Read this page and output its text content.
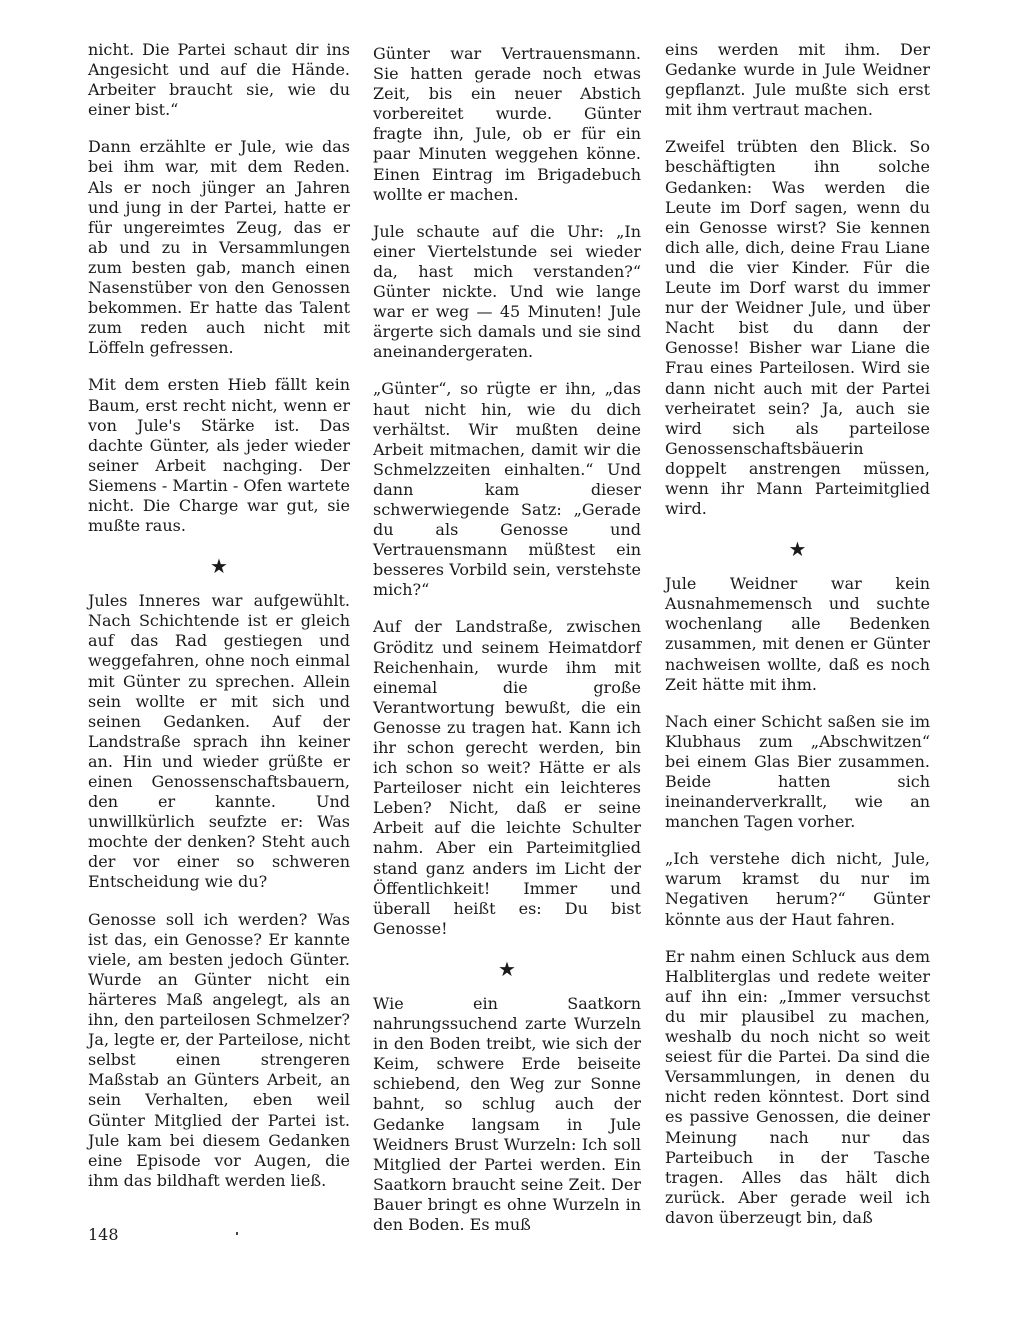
nicht. Die Partei schaut dir ins Angesicht und auf die Hände. Arbeiter braucht sie, wie du einer bist.“

Dann erzählte er Jule, wie das bei ihm war, mit dem Reden. Als er noch jünger an Jahren und jung in der Partei, hatte er für ungereimtes Zeug, das er ab und zu in Versammlungen zum besten gab, manch einen Nasenstüber von den Genossen bekommen. Er hatte das Talent zum reden auch nicht mit Löffeln gefressen.

Mit dem ersten Hieb fällt kein Baum, erst recht nicht, wenn er von Jule's Stärke ist. Das dachte Günter, als jeder wieder seiner Arbeit nachging. Der Siemens - Martin - Ofen wartete nicht. Die Charge war gut, sie mußte raus.

★

Jules Inneres war aufgewühlt. Nach Schichtende ist er gleich auf das Rad gestiegen und weggefahren, ohne noch einmal mit Günter zu sprechen. Allein sein wollte er mit sich und seinen Gedanken. Auf der Landstraße sprach ihn keiner an. Hin und wieder grüßte er einen Genossenschaftsbauern, den er kannte. Und unwillkürlich seufzte er: Was mochte der denken? Steht auch der vor einer so schweren Entscheidung wie du?

Genosse soll ich werden? Was ist das, ein Genosse? Er kannte viele, am besten jedoch Günter. Wurde an Günter nicht ein härteres Maß angelegt, als an ihn, den parteilosen Schmelzer? Ja, legte er, der Parteilose, nicht selbst einen strengeren Maßstab an Günters Arbeit, an sein Verhalten, eben weil Günter Mitglied der Partei ist. Jule kam bei diesem Gedanken eine Episode vor Augen, die ihm das bildhaft werden ließ.

Günter war Vertrauensmann. Sie hatten gerade noch etwas Zeit, bis ein neuer Abstich vorbereitet wurde. Günter fragte ihn, Jule, ob er für ein paar Minuten weggehen könne. Einen Eintrag im Brigadebuch wollte er machen.

Jule schaute auf die Uhr: „In einer Viertelstunde sei wieder da, hast mich verstanden?“ Günter nickte. Und wie lange war er weg — 45 Minuten! Jule ärgerte sich damals und sie sind aneinandergeraten.

„Günter“, so rügte er ihn, „das haut nicht hin, wie du dich verhältst. Wir mußten deine Arbeit mitmachen, damit wir die Schmelzzeiten einhalten.“ Und dann kam dieser schwerwiegende Satz: „Gerade du als Genosse und Vertrauensmann müßtest ein besseres Vorbild sein, verstehste mich?“

Auf der Landstraße, zwischen Gröditz und seinem Heimatdorf Reichenhain, wurde ihm mit einemal die große Verantwortung bewußt, die ein Genosse zu tragen hat. Kann ich ihr schon gerecht werden, bin ich schon so weit? Hätte er als Parteiloser nicht ein leichteres Leben? Nicht, daß er seine Arbeit auf die leichte Schulter nahm. Aber ein Parteimitglied stand ganz anders im Licht der Öffentlichkeit! Immer und überall heißt es: Du bist Genosse!

★

Wie ein Saatkorn nahrungssuchend zarte Wurzeln in den Boden treibt, wie sich der Keim, schwere Erde beiseite schiebend, den Weg zur Sonne bahnt, so schlug auch der Gedanke langsam in Jule Weidners Brust Wurzeln: Ich soll Mitglied der Partei werden. Ein Saatkorn braucht seine Zeit. Der Bauer bringt es ohne Wurzeln in den Boden. Es muß

eins werden mit ihm. Der Gedanke wurde in Jule Weidner gepflanzt. Jule mußte sich erst mit ihm vertraut machen.

Zweifel trübten den Blick. So beschäftigten ihn solche Gedanken: Was werden die Leute im Dorf sagen, wenn du ein Genosse wirst? Sie kennen dich alle, dich, deine Frau Liane und die vier Kinder. Für die Leute im Dorf warst du immer nur der Weidner Jule, und über Nacht bist du dann der Genosse! Bisher war Liane die Frau eines Parteilosen. Wird sie dann nicht auch mit der Partei verheiratet sein? Ja, auch sie wird sich als parteilose Genossenschaftsbäuerin doppelt anstrengen müssen, wenn ihr Mann Parteimitglied wird.

★

Jule Weidner war kein Ausnahmemensch und suchte wochenlang alle Bedenken zusammen, mit denen er Günter nachweisen wollte, daß es noch Zeit hätte mit ihm.

Nach einer Schicht saßen sie im Klubhaus zum „Abschwitzen“ bei einem Glas Bier zusammen. Beide hatten sich ineinanderverkrallt, wie an manchen Tagen vorher.

„Ich verstehe dich nicht, Jule, warum kramst du nur im Negativen herum?“ Günter könnte aus der Haut fahren.

Er nahm einen Schluck aus dem Halbliterglas und redete weiter auf ihn ein: „Immer versuchst du mir plausibel zu machen, weshalb du noch nicht so weit seiest für die Partei. Da sind die Versammlungen, in denen du nicht reden könntest. Dort sind es passive Genossen, die deiner Meinung nach nur das Parteibuch in der Tasche tragen. Alles das hält dich zurück. Aber gerade weil ich davon überzeugt bin, daß

148
